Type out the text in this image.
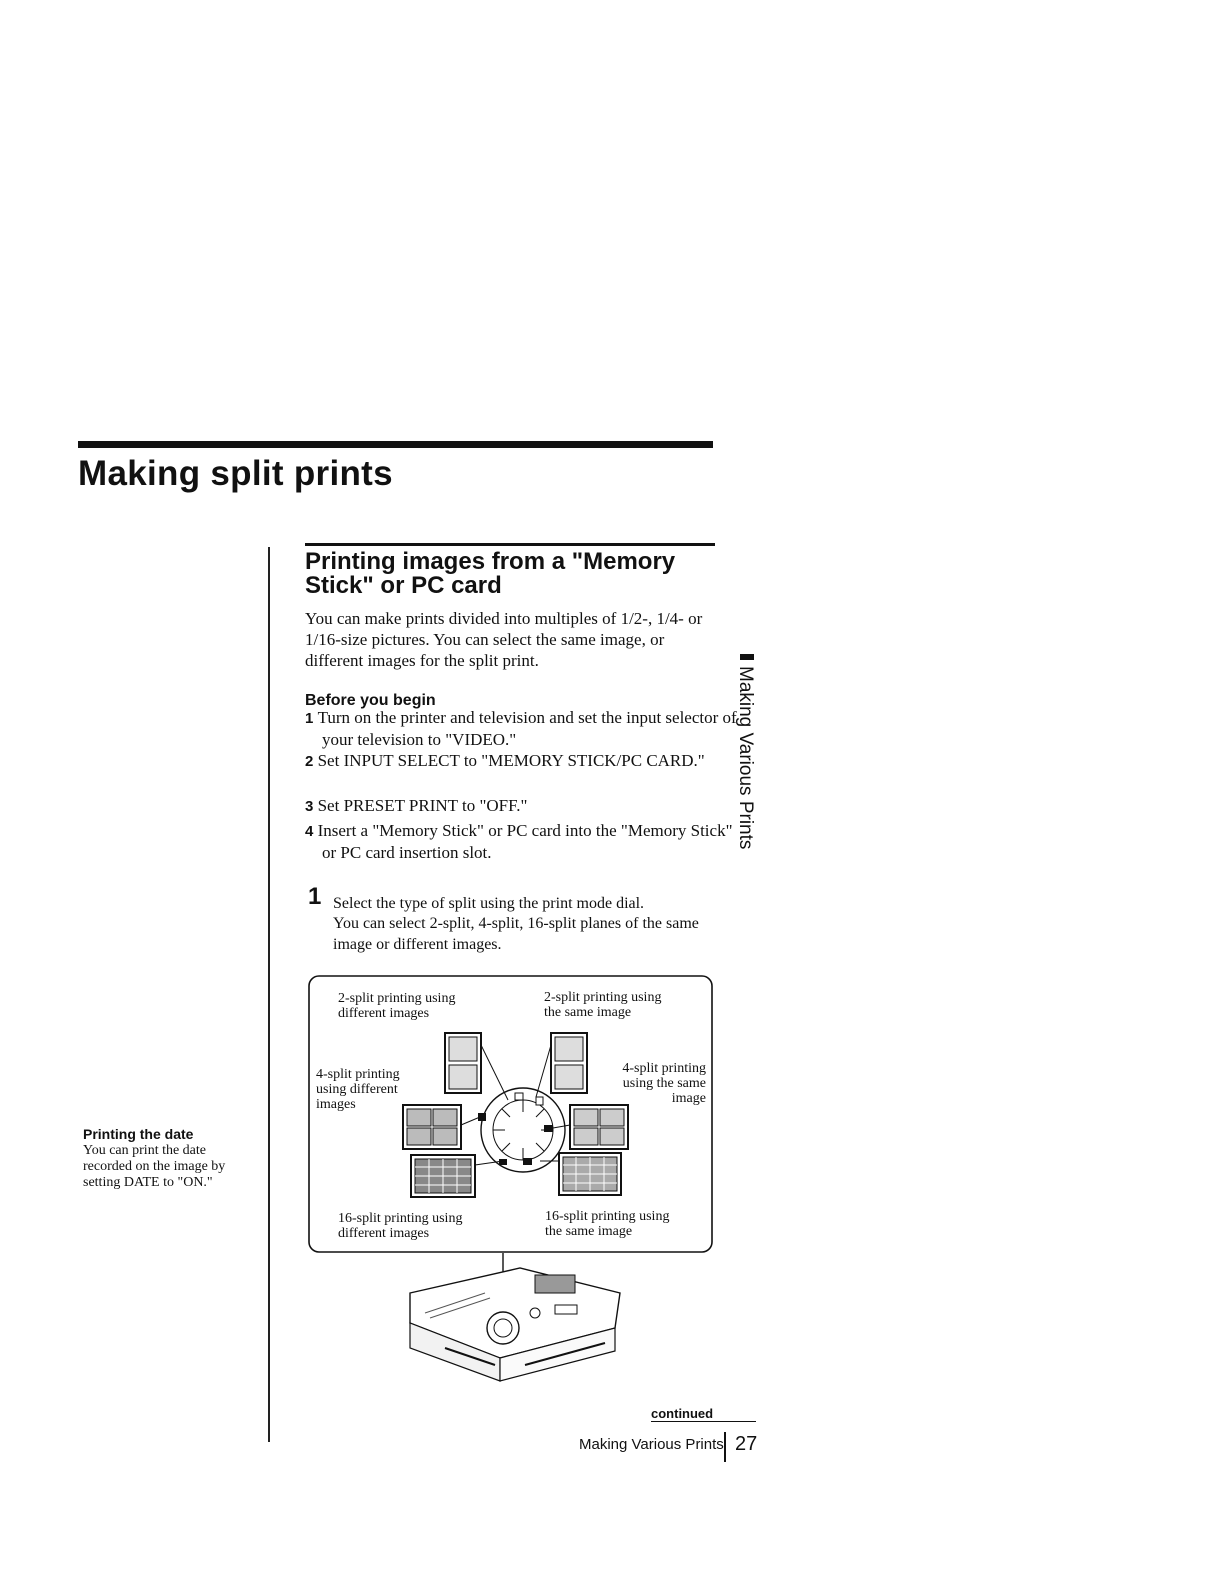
Making split prints
Printing images from a "Memory Stick" or PC card
You can make prints divided into multiples of 1/2-, 1/4- or 1/16-size pictures. You can select the same image, or different images for the split print.
Before you begin
1 Turn on the printer and television and set the input selector of your television to "VIDEO."
2 Set INPUT SELECT to "MEMORY STICK/PC CARD."
3 Set PRESET PRINT to "OFF."
4 Insert a "Memory Stick" or PC card into the "Memory Stick" or PC card insertion slot.
1 Select the type of split using the print mode dial.
You can select 2-split, 4-split, 16-split planes of the same image or different images.
2-split printing using
different images
2-split printing using
the same image
4-split printing
using different
images
4-split printing
using the same
image
16-split printing using
different images
16-split printing using
the same image
Printing the date
You can print the date recorded on the image by setting DATE to "ON."
Making Various Prints
continued
Making Various Prints 27
